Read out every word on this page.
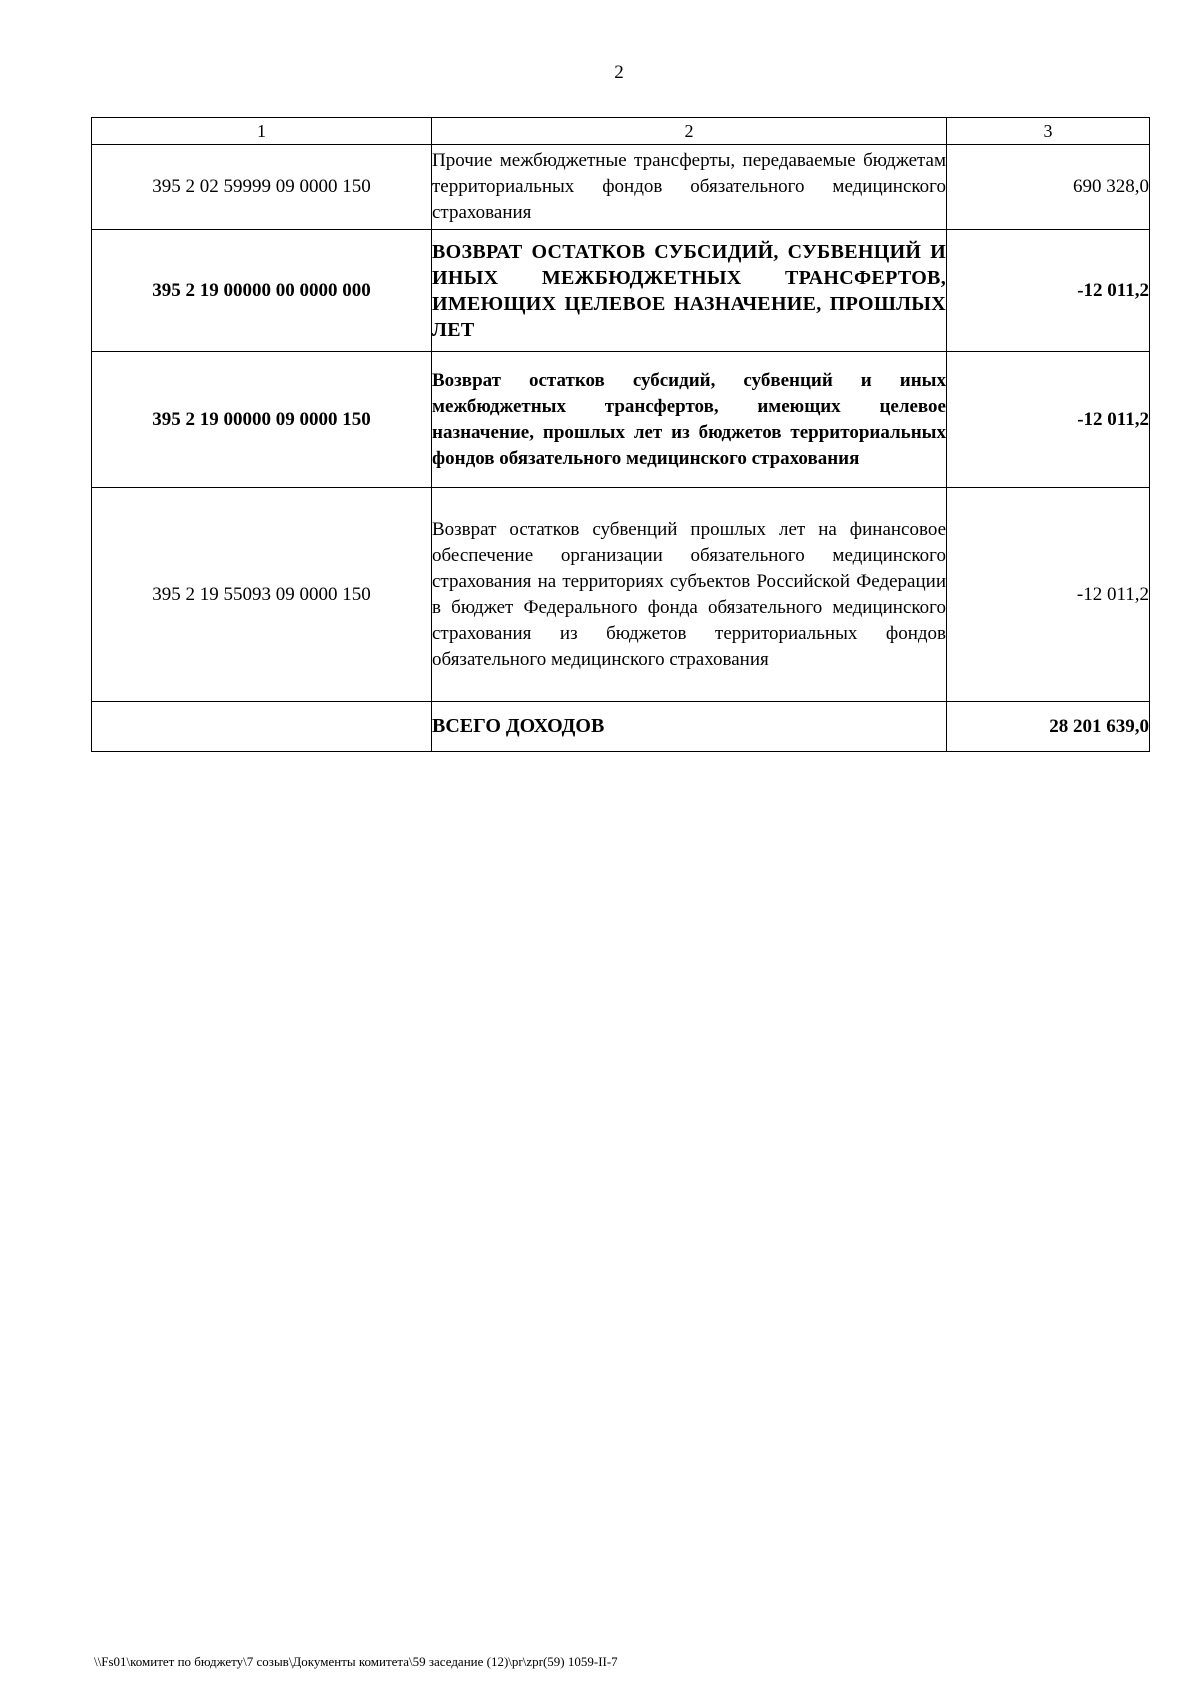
2
1	2	3
395 2 02 59999 09 0000 150	Прочие межбюджетные трансферты, передаваемые бюджетам территориальных фондов обязательного медицинского страхования	690 328,0
395 2 19 00000 00 0000 000	ВОЗВРАТ ОСТАТКОВ СУБСИДИЙ, СУБВЕНЦИЙ И ИНЫХ МЕЖБЮДЖЕТНЫХ ТРАНСФЕРТОВ, ИМЕЮЩИХ ЦЕЛЕВОЕ НАЗНАЧЕНИЕ, ПРОШЛЫХ ЛЕТ	-12 011,2
395 2 19 00000 09 0000 150	Возврат остатков субсидий, субвенций и иных межбюджетных трансфертов, имеющих целевое назначение, прошлых лет из бюджетов территориальных фондов обязательного медицинского страхования	-12 011,2
395 2 19 55093 09 0000 150	Возврат остатков субвенций прошлых лет на финансовое обеспечение организации обязательного медицинского страхования на территориях субъектов Российской Федерации в бюджет Федерального фонда обязательного медицинского страхования из бюджетов территориальных фондов обязательного медицинского страхования	-12 011,2
	ВСЕГО ДОХОДОВ	28 201 639,0
\\Fs01\комитет по бюджету\7 созыв\Документы комитета\59 заседание (12)\pr\zpr(59) 1059-II-7
